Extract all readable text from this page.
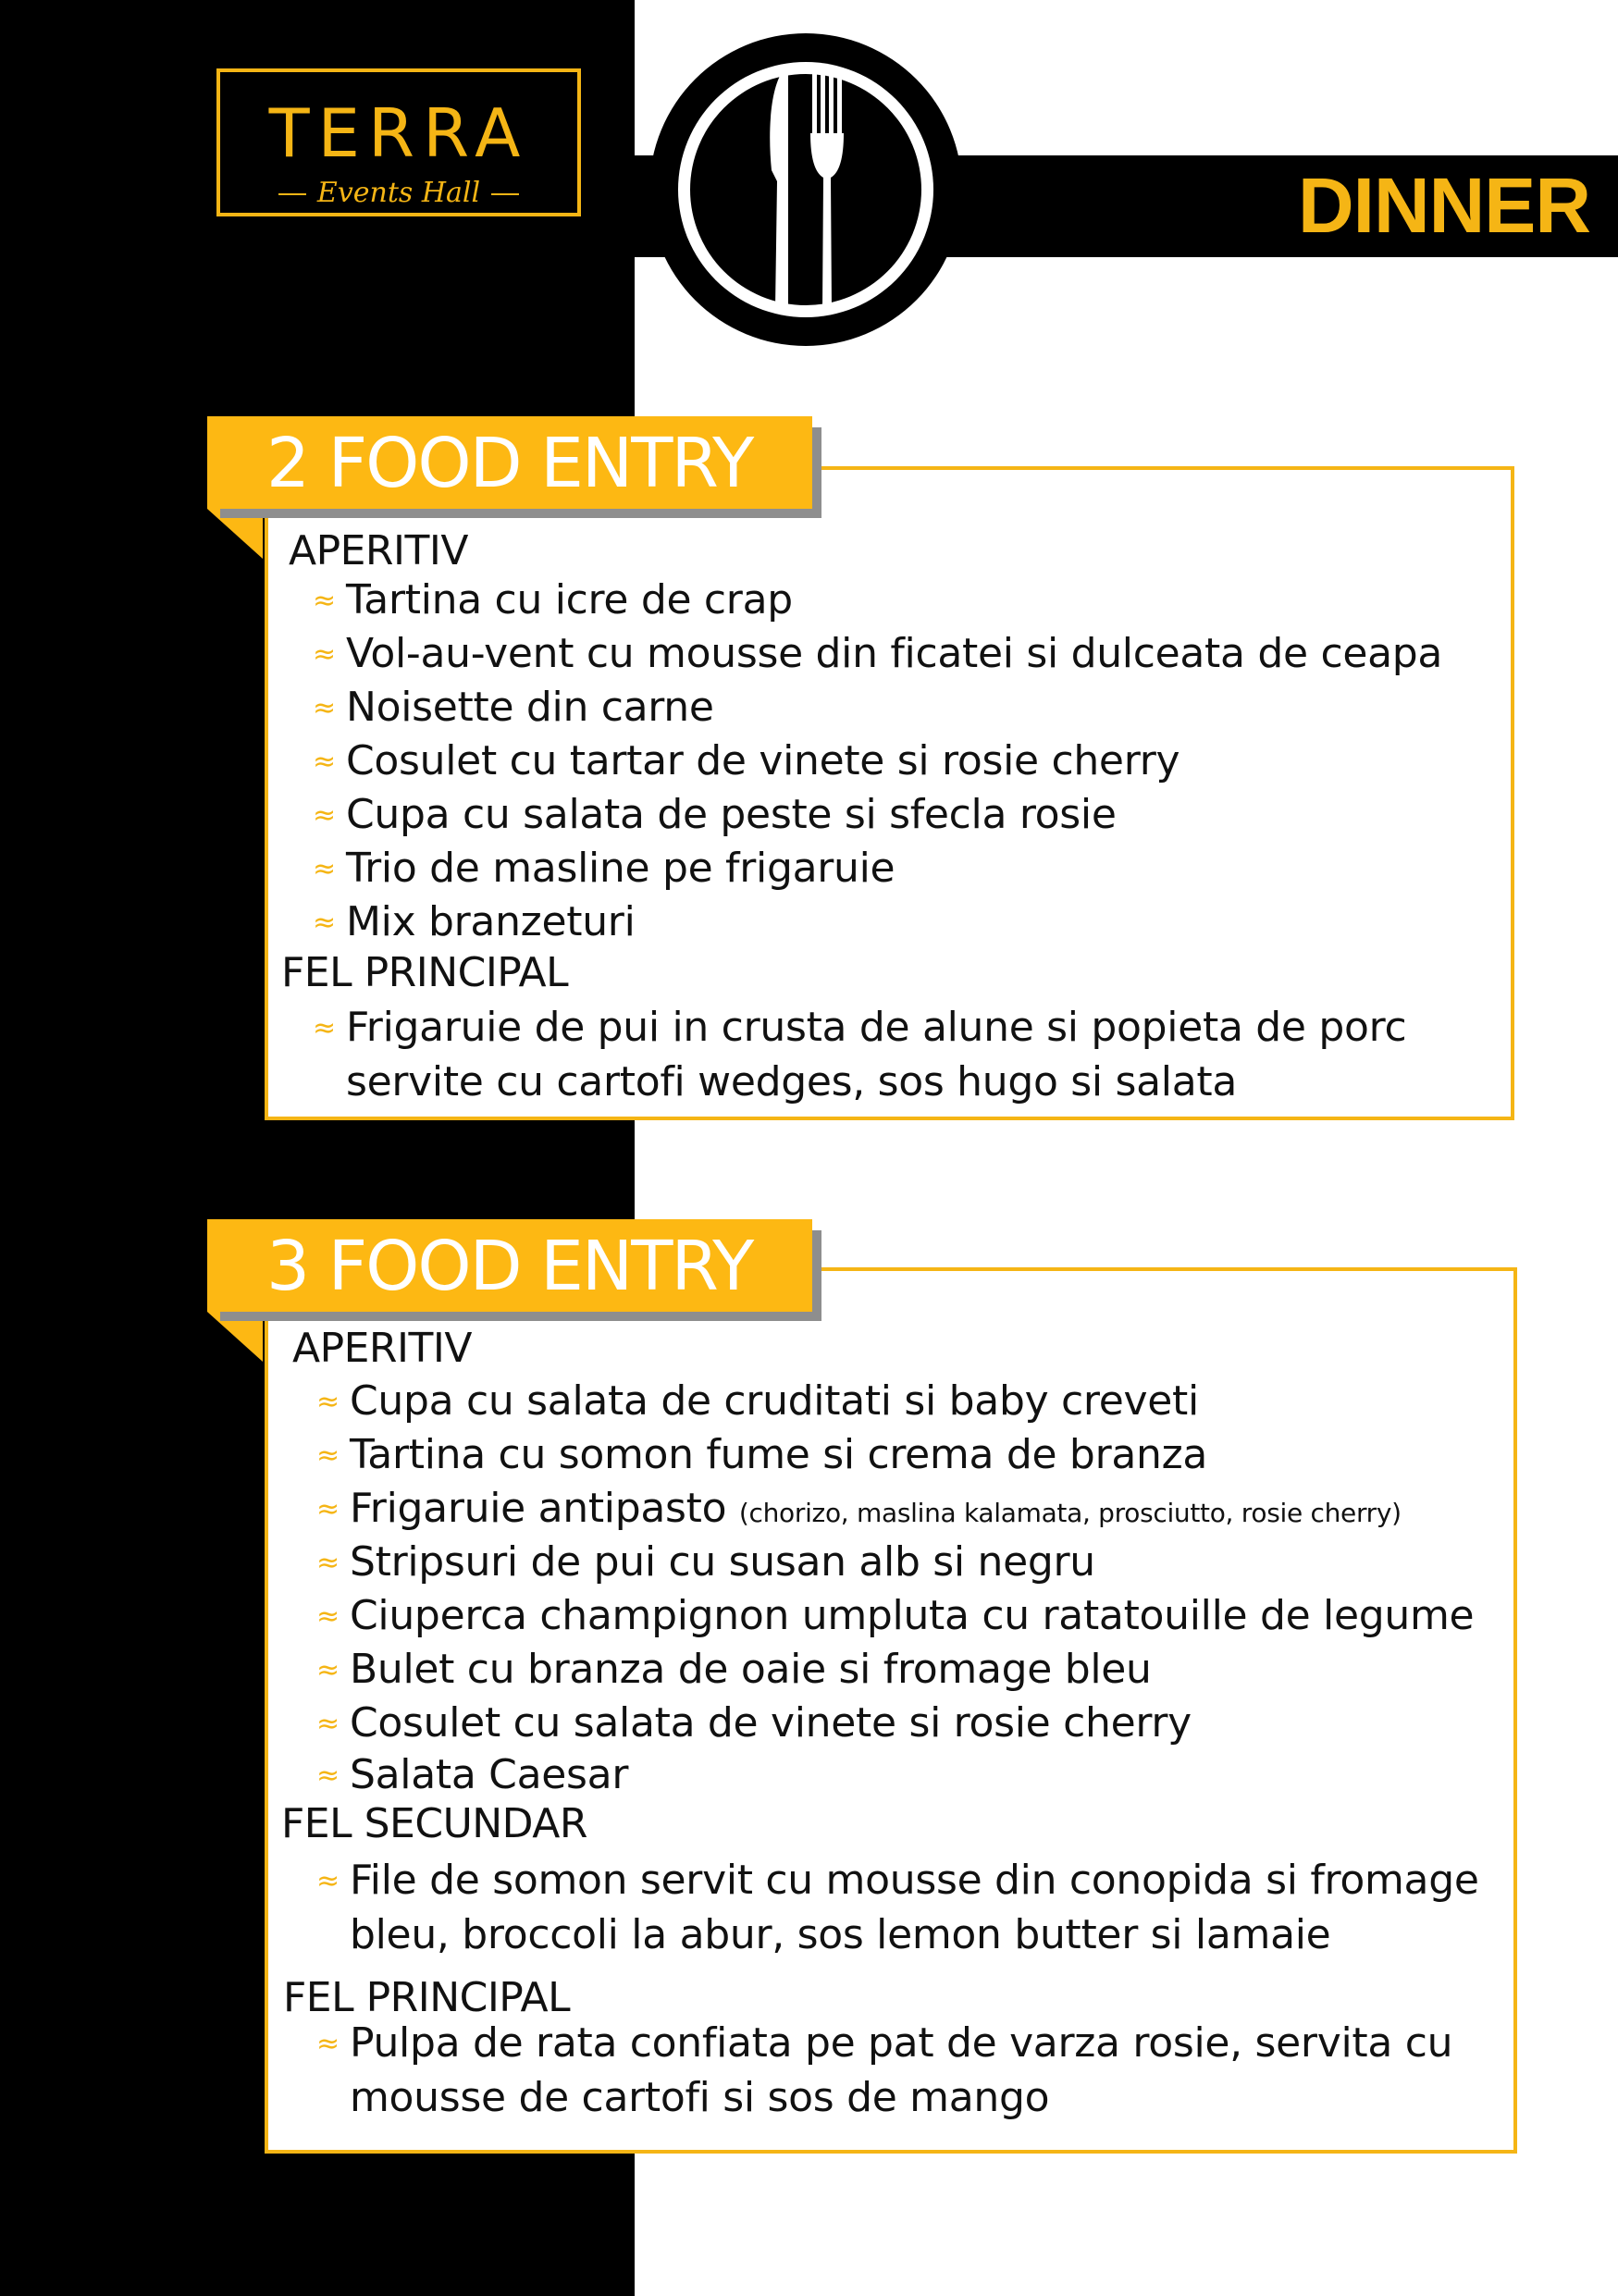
DINNER
TERRA
Events Hall
2 FOOD ENTRY
APERITIV
≈ Tartina cu icre de crap
≈ Vol-au-vent cu mousse din ficatei si dulceata de ceapa
≈ Noisette din carne
≈ Cosulet cu tartar de vinete si rosie cherry
≈ Cupa cu salata de peste si sfecla rosie
≈ Trio de masline pe frigaruie
≈ Mix branzeturi
FEL PRINCIPAL
≈ Frigaruie de pui in crusta de alune si popieta de porc
servite cu cartofi wedges, sos hugo si salata
3 FOOD ENTRY
APERITIV
≈ Cupa cu salata de cruditati si baby creveti
≈ Tartina cu somon fume si crema de branza
≈ Frigaruie antipasto (chorizo, maslina kalamata, prosciutto, rosie cherry)
≈ Stripsuri de pui cu susan alb si negru
≈ Ciuperca champignon umpluta cu ratatouille de legume
≈ Bulet cu branza de oaie si fromage bleu
≈ Cosulet cu salata de vinete si rosie cherry
≈ Salata Caesar
FEL SECUNDAR
≈ File de somon servit cu mousse din conopida si fromage
bleu, broccoli la abur, sos lemon butter si lamaie
FEL PRINCIPAL
≈ Pulpa de rata confiata pe pat de varza rosie, servita cu
mousse de cartofi si sos de mango
